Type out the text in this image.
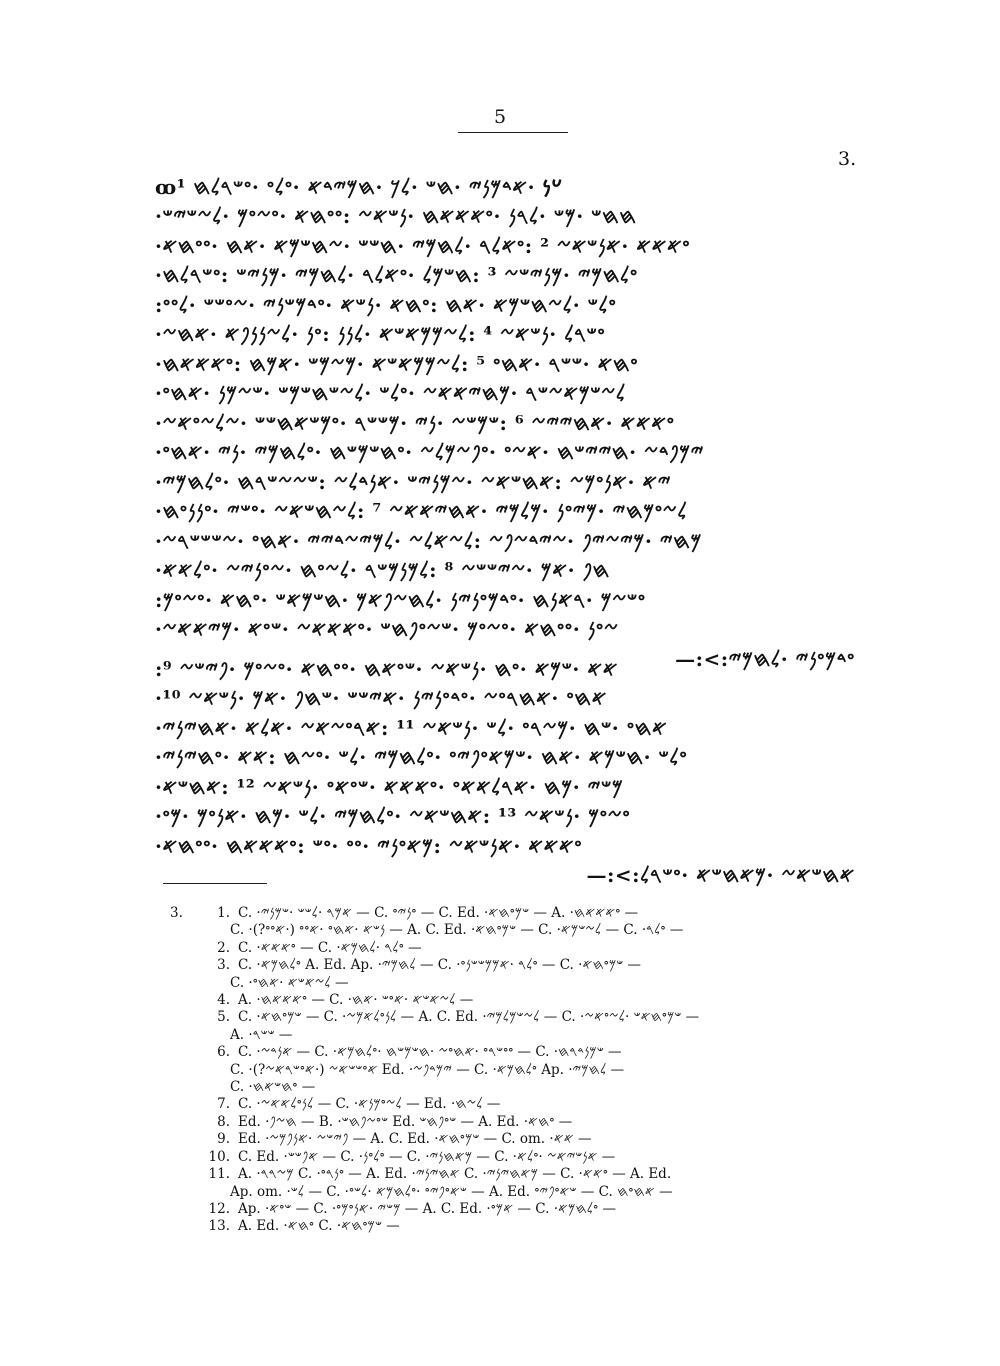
5
3.
ꝏ𐡏𐡍 ·𐤀𐤃𐤌𐤍𐤉 ·𐤇𐤔 ·𐤋𐤊 ·𐤇𐤌𐤉𐤃𐤀 ·𐤏𐤋𐤏 ·𐤏𐤔𐤓𐤋𐤇 ¹
·𐤇𐤇𐤔 ·𐤌𐤔 ·𐤋𐤓𐤍 ·𐤏𐤀𐤀𐤀𐤇 ·𐤍𐤔𐤀𐤆 :𐤏𐤏𐤇𐤀 ·𐤏𐤆𐤏𐤌 ·𐤋𐤆𐤔𐤉𐤔
·𐤏𐤀𐤀𐤀 ·𐤀𐤍𐤔𐤀𐤆 ² :𐤏𐤀𐤋𐤓 ·𐤋𐤇𐤌𐤉 ·𐤇𐤔𐤔 ·𐤆𐤇𐤔𐤌𐤀 ·𐤀𐤇 ·𐤏𐤏𐤇𐤀
·𐤏𐤋𐤇𐤌𐤉 ·𐤌𐤍𐤉𐤔𐤆 ³ :𐤇𐤔𐤌𐤋 ·𐤏𐤀𐤋𐤓 ·𐤋𐤇𐤌𐤉 ·𐤌𐤍𐤉𐤔 :𐤏𐤔𐤓𐤋𐤇
:𐤏𐤋𐤔 ·𐤋𐤆𐤇𐤔𐤌𐤀 ·𐤀𐤇 :𐤏𐤇𐤀 ·𐤍𐤔𐤀 ·𐤏𐤃𐤌𐤔𐤍𐤉 ·𐤆𐤏𐤔𐤔 ·𐤋𐤏𐤏
·𐤏𐤔𐤓𐤋 ·𐤍𐤔𐤀𐤆 ⁴ :𐤋𐤆𐤌𐤌𐤀𐤔𐤀 ·𐤋𐤍𐤍 :𐤏𐤍 ·𐤋𐤆𐤍𐤍𐤐𐤀 ·𐤀𐤇𐤆
·𐤏𐤇𐤀 ·𐤔𐤔𐤓 ·𐤀𐤇𐤏 ⁵ :𐤋𐤆𐤌𐤌𐤀𐤔𐤀 ·𐤌𐤆𐤌𐤔 ·𐤀𐤌𐤇 :𐤏𐤀𐤀𐤀𐤇
·𐤋𐤆𐤔𐤌𐤀𐤆𐤔𐤓 ·𐤌𐤇𐤉𐤀𐤀𐤆 ·𐤏𐤋𐤔 ·𐤋𐤆𐤔𐤇𐤔𐤌𐤔 ·𐤔𐤆𐤌𐤍 ·𐤀𐤇𐤏
·𐤏𐤀𐤀𐤀 ·𐤀𐤇𐤉𐤉𐤆 ⁶ :𐤔𐤌𐤔𐤆 ·𐤍𐤉 ·𐤌𐤔𐤔𐤓 ·𐤏𐤌𐤔𐤀𐤇𐤔𐤔 ·𐤆𐤋𐤆𐤏𐤀𐤆
·𐤉𐤌𐤐𐤃𐤆 ·𐤇𐤉𐤉𐤔𐤇 ·𐤀𐤆𐤏 ·𐤏𐤐𐤆𐤌𐤋𐤆 ·𐤏𐤇𐤔𐤌𐤔𐤇 ·𐤏𐤋𐤇𐤌𐤉 ·𐤍𐤉 ·𐤀𐤇𐤏
·𐤉𐤀 ·𐤀𐤍𐤏𐤌𐤆 :𐤀𐤇𐤔𐤀𐤆 ·𐤆𐤌𐤍𐤉𐤔 ·𐤀𐤍𐤃𐤋𐤆 :𐤔𐤆𐤆𐤔𐤓𐤇 ·𐤏𐤋𐤇𐤌𐤉
·𐤋𐤆𐤏𐤌𐤇𐤉 ·𐤌𐤉𐤏𐤍 ·𐤌𐤋𐤌𐤉 ·𐤀𐤇𐤉𐤀𐤀𐤆 ⁷ :𐤋𐤆𐤇𐤔𐤀𐤆 ·𐤏𐤔𐤉 ·𐤏𐤍𐤍𐤏𐤇
·𐤌𐤇𐤉 ·𐤌𐤉𐤆𐤉𐤐 ·𐤆𐤉𐤃𐤆𐤐𐤆 :𐤋𐤆𐤀𐤋𐤆 ·𐤋𐤌𐤉𐤆𐤃𐤉𐤉 ·𐤀𐤇𐤏 ·𐤆𐤔𐤔𐤔𐤓𐤆
·𐤇𐤐 ·𐤀𐤌 ·𐤆𐤉𐤔𐤔𐤆 ⁸ :𐤋𐤌𐤍𐤌𐤔𐤓 ·𐤋𐤆𐤏𐤇 ·𐤆𐤏𐤍𐤉𐤆 ·𐤏𐤋𐤀𐤀
:𐤏𐤔𐤆𐤌 ·𐤓𐤀𐤍𐤇 ·𐤏𐤃𐤌𐤏𐤍𐤉𐤍 ·𐤋𐤇𐤆𐤐𐤀𐤌 ·𐤇𐤔𐤌𐤀𐤔 ·𐤏𐤇𐤀 ·𐤏𐤆𐤏𐤌
·𐤆𐤏𐤍 ·𐤏𐤏𐤇𐤀 ·𐤏𐤆𐤏𐤌 ·𐤔𐤆𐤏𐤐𐤇𐤔 ·𐤏𐤀𐤀𐤀𐤆 ·𐤔𐤏𐤀 ·𐤌𐤉𐤀𐤀𐤆
—:<:𐤏𐤃𐤌𐤏𐤍𐤉 ·𐤋𐤇𐤌𐤉
:𐤀𐤀 ·𐤔𐤌𐤀 ·𐤏𐤇 ·𐤍𐤔𐤀𐤆 ·𐤔𐤏𐤀𐤇 ·𐤏𐤏𐤇𐤀 ·𐤏𐤆𐤏𐤌 ·𐤐𐤉𐤔𐤆 ⁹
·𐤀𐤇𐤏 ·𐤀𐤇𐤓𐤏𐤆 ·𐤏𐤃𐤏𐤍𐤉𐤍 ·𐤀𐤉𐤔𐤔 ·𐤔𐤇𐤐 ·𐤀𐤌 ·𐤍𐤔𐤀𐤆 ¹⁰
·𐤀𐤇𐤏 ·𐤔𐤇 ·𐤌𐤆𐤓𐤏 ·𐤋𐤔 ·𐤍𐤔𐤀𐤆 ¹¹ :𐤀𐤓𐤏𐤆𐤀𐤆 ·𐤀𐤋𐤀 ·𐤀𐤇𐤉𐤍𐤉
·𐤏𐤋𐤔 ·𐤇𐤔𐤌𐤀 ·𐤀𐤇 ·𐤔𐤌𐤀𐤏𐤐𐤉𐤏 ·𐤏𐤋𐤇𐤌𐤉 ·𐤋𐤔 ·𐤏𐤆𐤇 :𐤀𐤀 ·𐤏𐤇𐤉𐤍𐤉
·𐤌𐤔𐤉 ·𐤌𐤇 ·𐤀𐤓𐤋𐤀𐤀𐤏 ·𐤏𐤀𐤀𐤀 ·𐤔𐤏𐤀𐤏 ·𐤍𐤔𐤀𐤆 ¹² :𐤀𐤇𐤔𐤀
·𐤏𐤆𐤏𐤌 ·𐤍𐤔𐤀𐤆 ¹³ :𐤀𐤇𐤔𐤀𐤆 ·𐤏𐤋𐤇𐤌𐤉 ·𐤋𐤔 ·𐤌𐤇 ·𐤀𐤍𐤏𐤌 ·𐤌𐤏
·𐤏𐤀𐤀𐤀 ·𐤀𐤍𐤔𐤀𐤆 :𐤌𐤀𐤏𐤍𐤉 ·𐤏𐤏 ·𐤏𐤔 :𐤏𐤀𐤀𐤀𐤇 ·𐤏𐤏𐤇𐤀
—:<:𐤀𐤇𐤔𐤀𐤆 ·𐤌𐤀𐤇𐤔𐤀 ·𐤏𐤔𐤓𐤋
3.	1. C. ·𐤀𐤌𐤓 ·𐤋𐤔𐤔 ·𐤔𐤌𐤍𐤉 — C. 𐤏𐤍𐤉𐤏 — C. Ed. ·𐤔𐤌𐤏𐤇𐤀 — A. ·𐤏𐤀𐤀𐤀𐤇 —
C. ·𐤍𐤔𐤀 ·𐤀𐤇𐤏 ·𐤀𐤏𐤏 (·𐤀𐤏𐤏?) — A. C. Ed. ·𐤔𐤌𐤏𐤇𐤀 — C. ·𐤋𐤆𐤔𐤌𐤀 — C. ·𐤏𐤋𐤓 —
2. C. ·𐤏𐤀𐤀𐤀 — C. ·𐤏𐤋𐤓 ·𐤋𐤇𐤌𐤀 —
3. C. ·𐤏𐤋𐤇𐤌𐤀 A. Ed. Ap. ·𐤋𐤇𐤌𐤉 — C. ·𐤏𐤋𐤓 ·𐤀𐤌𐤌𐤔𐤔𐤍𐤏 — C. ·𐤔𐤌𐤏𐤇𐤀 —
C. ·𐤋𐤆𐤀𐤔𐤀 ·𐤀𐤇𐤏 —
4. A. ·𐤏𐤀𐤀𐤀𐤇 — C. ·𐤋𐤆𐤀𐤔𐤀 ·𐤀𐤏𐤔 ·𐤀𐤇 —
5. C. ·𐤔𐤌𐤏𐤇𐤀 — C. ·𐤋𐤍𐤏𐤋𐤀𐤌𐤆 — A. C. Ed. ·𐤋𐤆𐤔𐤌𐤋𐤌𐤉 — C. ·𐤔𐤌𐤏𐤇𐤀𐤔 ·𐤋𐤆𐤏𐤀𐤆 —
A. ·𐤔𐤔𐤓 —
6. C. ·𐤀𐤍𐤃𐤆 — C. ·𐤏𐤏𐤔𐤓𐤏 ·𐤀𐤇𐤏𐤆 ·𐤇𐤔𐤌𐤔𐤇 ·𐤏𐤋𐤇𐤌𐤀 — C. ·𐤔𐤌𐤍𐤃𐤓𐤇 —
C. ·𐤀𐤏𐤔𐤔𐤀𐤆 (·𐤀𐤏𐤔𐤓𐤀𐤆?) Ed. ·𐤉𐤌𐤃𐤐𐤆 — C. ·𐤏𐤋𐤇𐤌𐤀 Ap. ·𐤋𐤇𐤌𐤉 —
C. ·𐤏𐤇𐤔𐤀𐤇 —
7. C. ·𐤋𐤍𐤏𐤋𐤀𐤀𐤆 — C. ·𐤋𐤆𐤏𐤌𐤍𐤀 — Ed. ·𐤋𐤆𐤇 —
8. Ed. ·𐤇𐤆𐤐 — B. ·𐤔𐤏𐤆𐤐𐤇𐤔 Ed. 𐤔𐤏𐤐𐤇𐤔 — A. Ed. ·𐤏𐤇𐤀 —
9. Ed. ·𐤐𐤉𐤔𐤆 ·𐤀𐤍𐤐𐤌𐤆 — A. C. Ed. ·𐤔𐤌𐤏𐤇𐤀 — C. om. ·𐤀𐤀 —
10. C. Ed. ·𐤀𐤐𐤔𐤔 — C. ·𐤏𐤋𐤏𐤍 — C. ·𐤌𐤀𐤇𐤍𐤉 — C. ·𐤀𐤍𐤔𐤉𐤀𐤆 ·𐤏𐤋𐤀 —
11. A. ·𐤌𐤆𐤓𐤓 C. ·𐤏𐤍𐤓𐤏 — A. Ed. ·𐤀𐤇𐤉𐤍𐤉 C. ·𐤌𐤀𐤇𐤉𐤍𐤉 — C. ·𐤏𐤀𐤀 — A. Ed.
Ap. om. ·𐤋𐤔 — C. ·𐤔𐤀𐤏𐤐𐤉𐤏 ·𐤏𐤋𐤇𐤌𐤀 ·𐤋𐤔𐤏 — A. Ed. 𐤔𐤀𐤏𐤐𐤉𐤏 — C. 𐤀𐤇𐤏𐤇 —
12. Ap. ·𐤔𐤏𐤀 — C. ·𐤌𐤔𐤉 ·𐤀𐤍𐤏𐤌𐤏 — A. C. Ed. ·𐤀𐤌𐤏 — C. ·𐤏𐤋𐤇𐤌𐤀 —
13. A. Ed. ·𐤏𐤇𐤀 C. ·𐤔𐤌𐤏𐤇𐤀 —
